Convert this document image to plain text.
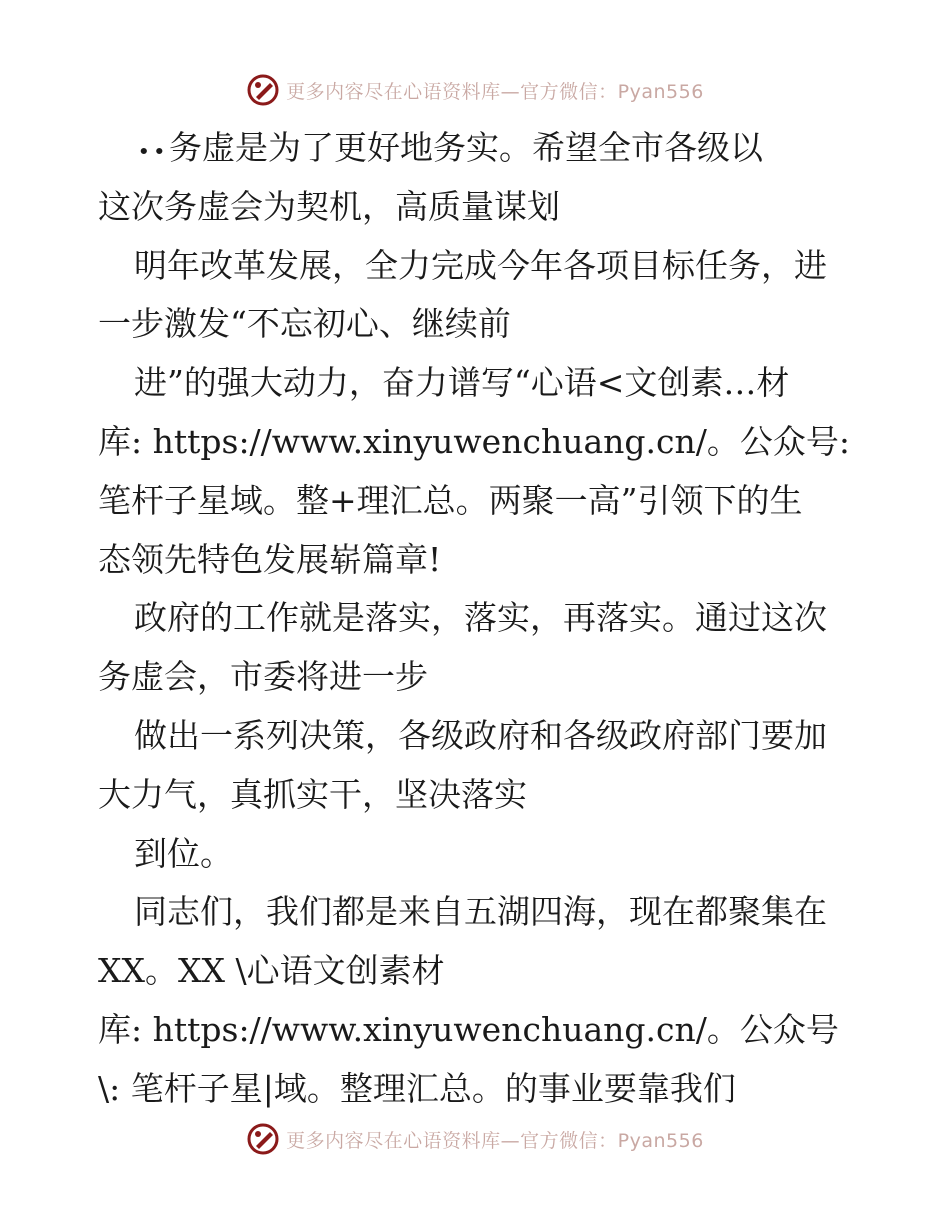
更多内容尽在心语资料库—官方微信：Pyan556
᭼᭼ 务虚是为了更好地务实。希望全市各级以
这次务虚会为契机，高质量谋划
明年改革发展，全力完成今年各项目标任务，进
一步激发“不忘初心、继续前
进”的强大动力，奋力谱写“心语<文创素…材
库: https://www.xinyuwenchuang.cn/。公众号:
笔杆子星域。整+理汇总。两聚一高”引领下的生
态领先特色发展崭篇章!
政府的工作就是落实，落实，再落实。通过这次
务虚会，市委将进一步
做出一系列决策，各级政府和各级政府部门要加
大力气，真抓实干，坚决落实
到位。
同志们，我们都是来自五湖四海，现在都聚集在
XX。XX \心语文创素材
库: https://www.xinyuwenchuang.cn/。公众号
\: 笔杆子星|域。整理汇总。的事业要靠我们
更多内容尽在心语资料库—官方微信：Pyan556
